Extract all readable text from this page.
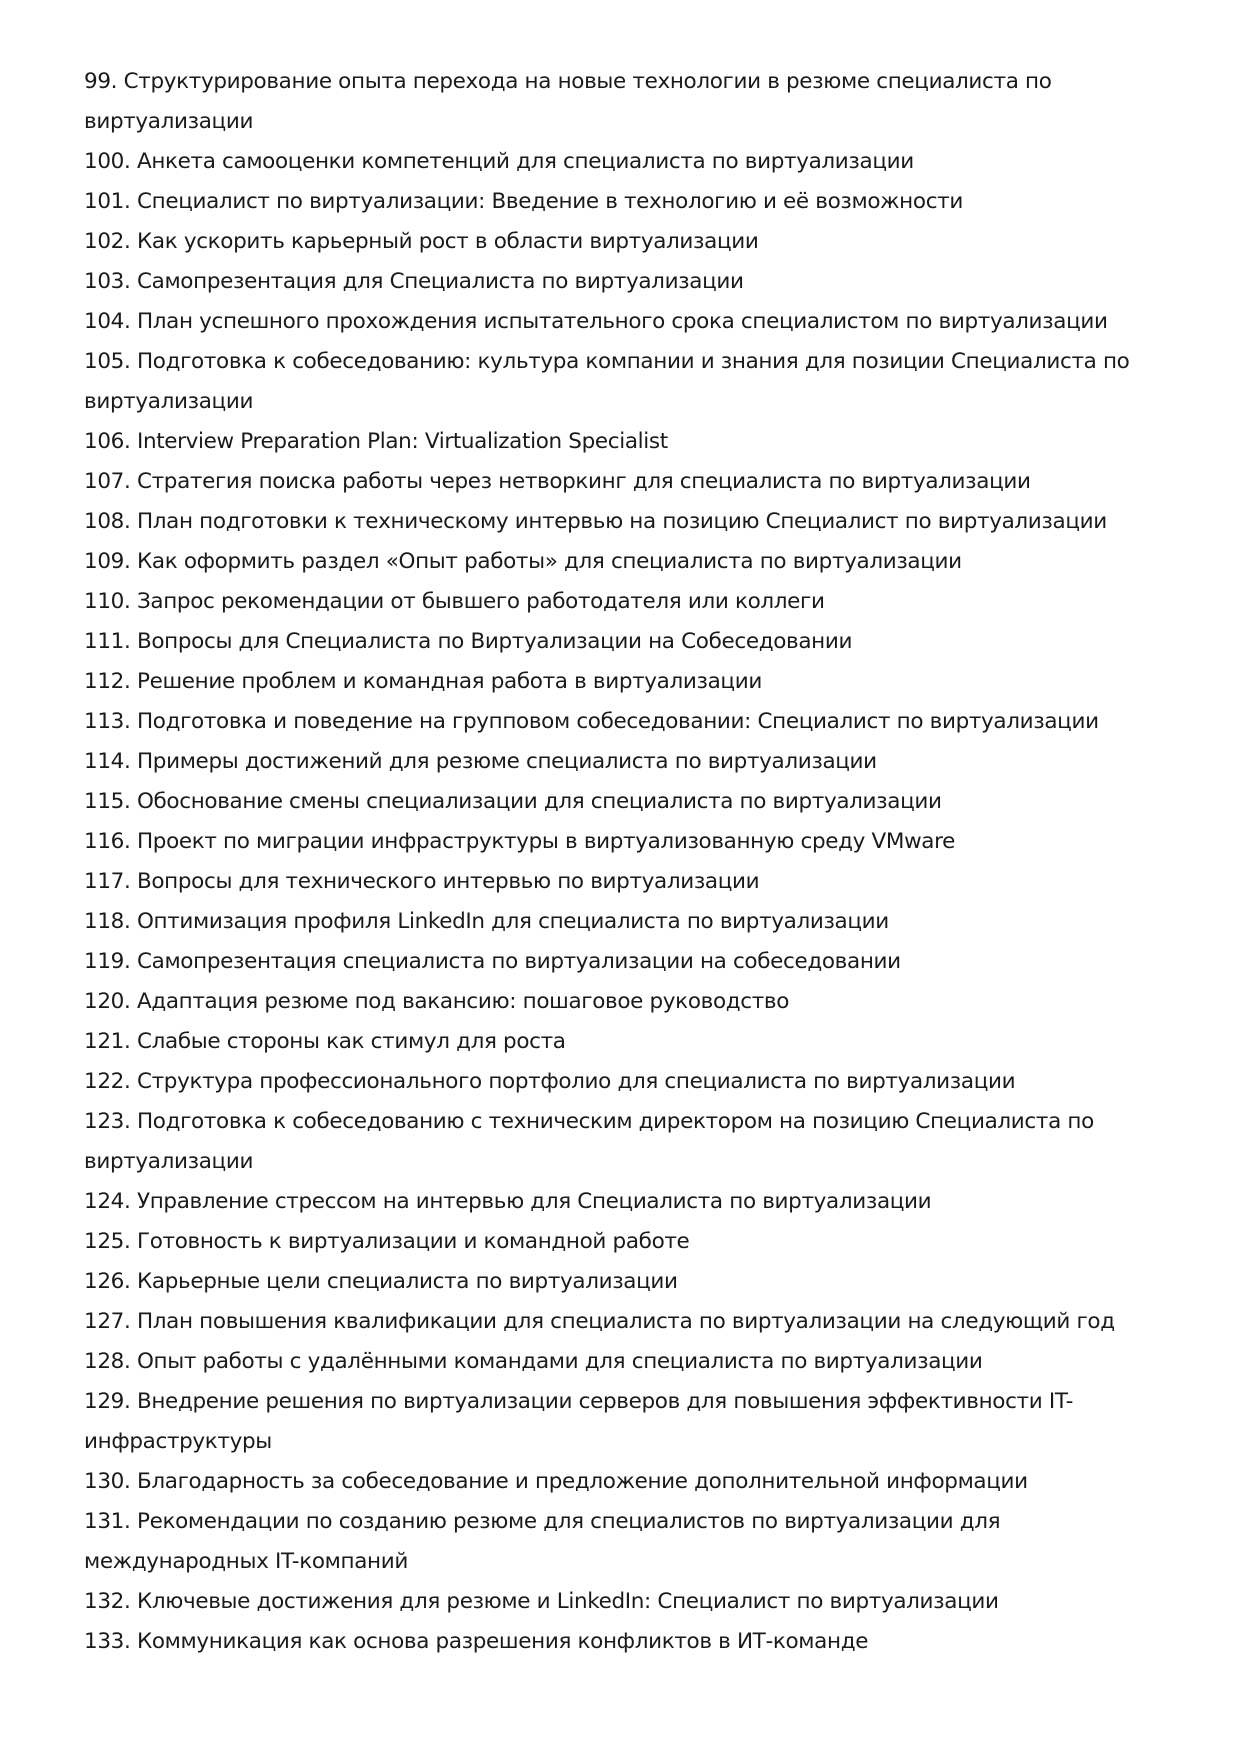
99. Структурирование опыта перехода на новые технологии в резюме специалиста по виртуализации
100. Анкета самооценки компетенций для специалиста по виртуализации
101. Специалист по виртуализации: Введение в технологию и её возможности
102. Как ускорить карьерный рост в области виртуализации
103. Самопрезентация для Специалиста по виртуализации
104. План успешного прохождения испытательного срока специалистом по виртуализации
105. Подготовка к собеседованию: культура компании и знания для позиции Специалиста по виртуализации
106. Interview Preparation Plan: Virtualization Specialist
107. Стратегия поиска работы через нетворкинг для специалиста по виртуализации
108. План подготовки к техническому интервью на позицию Специалист по виртуализации
109. Как оформить раздел «Опыт работы» для специалиста по виртуализации
110. Запрос рекомендации от бывшего работодателя или коллеги
111. Вопросы для Специалиста по Виртуализации на Собеседовании
112. Решение проблем и командная работа в виртуализации
113. Подготовка и поведение на групповом собеседовании: Специалист по виртуализации
114. Примеры достижений для резюме специалиста по виртуализации
115. Обоснование смены специализации для специалиста по виртуализации
116. Проект по миграции инфраструктуры в виртуализованную среду VMware
117. Вопросы для технического интервью по виртуализации
118. Оптимизация профиля LinkedIn для специалиста по виртуализации
119. Самопрезентация специалиста по виртуализации на собеседовании
120. Адаптация резюме под вакансию: пошаговое руководство
121. Слабые стороны как стимул для роста
122. Структура профессионального портфолио для специалиста по виртуализации
123. Подготовка к собеседованию с техническим директором на позицию Специалиста по виртуализации
124. Управление стрессом на интервью для Специалиста по виртуализации
125. Готовность к виртуализации и командной работе
126. Карьерные цели специалиста по виртуализации
127. План повышения квалификации для специалиста по виртуализации на следующий год
128. Опыт работы с удалёнными командами для специалиста по виртуализации
129. Внедрение решения по виртуализации серверов для повышения эффективности IT-инфраструктуры
130. Благодарность за собеседование и предложение дополнительной информации
131. Рекомендации по созданию резюме для специалистов по виртуализации для международных IT-компаний
132. Ключевые достижения для резюме и LinkedIn: Специалист по виртуализации
133. Коммуникация как основа разрешения конфликтов в ИТ-команде
